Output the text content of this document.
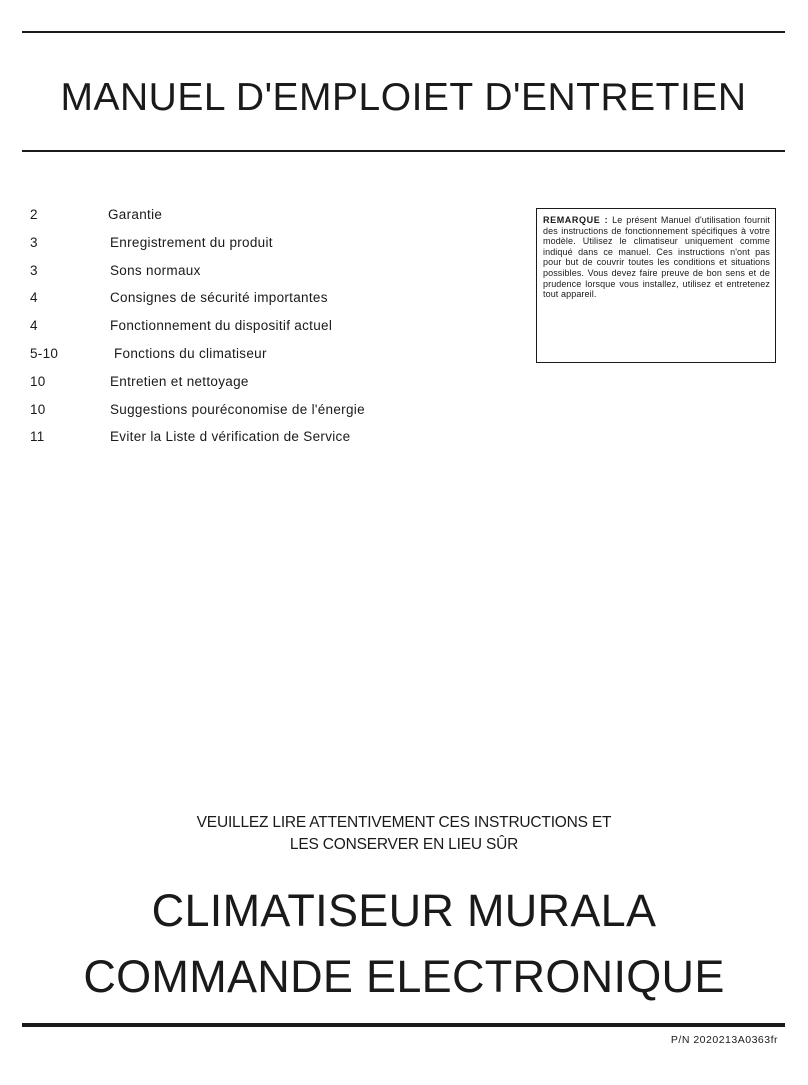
MANUEL D'EMPLOIET D'ENTRETIEN
2	Garantie
3	Enregistrement du produit
3	Sons normaux
4	Consignes de sécurité importantes
4	Fonctionnement du dispositif actuel
5-10	Fonctions du climatiseur
10	Entretien et nettoyage
10	Suggestions pouréconomise de l'énergie
11	Eviter la Liste d vérification de Service
REMARQUE : Le présent Manuel d'utilisation fournit des instructions de fonctionnement spécifiques à votre modèle. Utilisez le climatiseur uniquement comme indiqué dans ce manuel. Ces instructions n'ont pas pour but de couvrir toutes les conditions et situations possibles. Vous devez faire preuve de bon sens et de prudence lorsque vous installez, utilisez et entretenez tout appareil.
VEUILLEZ LIRE ATTENTIVEMENT CES INSTRUCTIONS ET
LES CONSERVER EN LIEU SÛR
CLIMATISEUR MURALA
COMMANDE ELECTRONIQUE
P/N 2020213A0363fr
